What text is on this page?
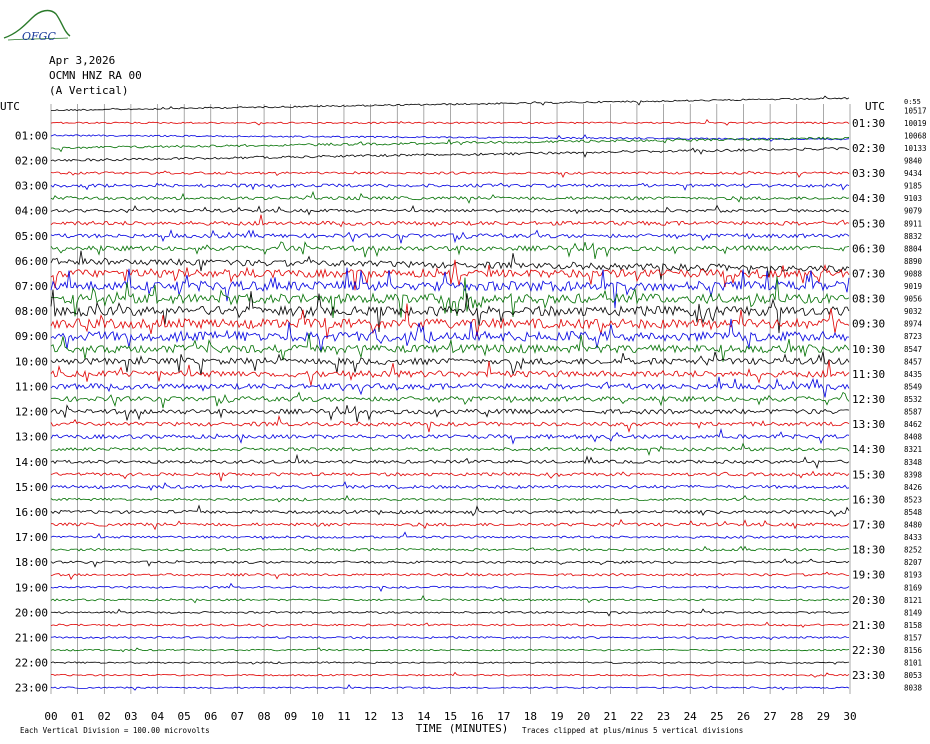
OFGC
Apr 3,2026
OCMN HNZ RA 00
(A Vertical)
01:00
02:00
03:00
04:00
05:00
06:00
07:00
08:00
09:00
10:00
11:00
12:00
13:00
14:00
15:00
16:00
17:00
18:00
19:00
20:00
21:00
22:00
23:00
01:30
02:30
03:30
04:30
05:30
06:30
07:30
08:30
09:30
10:30
11:30
12:30
13:30
14:30
15:30
16:30
17:30
18:30
19:30
20:30
21:30
22:30
23:30
10517
10019
10068
10133
9840
9434
9185
9103
9079
8911
8832
8804
8890
9088
9019
9056
9032
8974
8723
8547
8457
8435
8549
8532
8587
8462
8408
8321
8348
8398
8426
8523
8548
8480
8433
8252
8207
8193
8169
8121
8149
8158
8157
8156
8101
8053
8038
0:55
00 01 02 03 04 05 06 07 08 09 10 11 12 13 14 15 16 17 18 19 20 21 22 23 24 25 26 27 28 29 30
TIME (MINUTES)
Each Vertical Division = 100.00 microvolts	Traces clipped at plus/minus 5 vertical divisions
UTC	UTC
